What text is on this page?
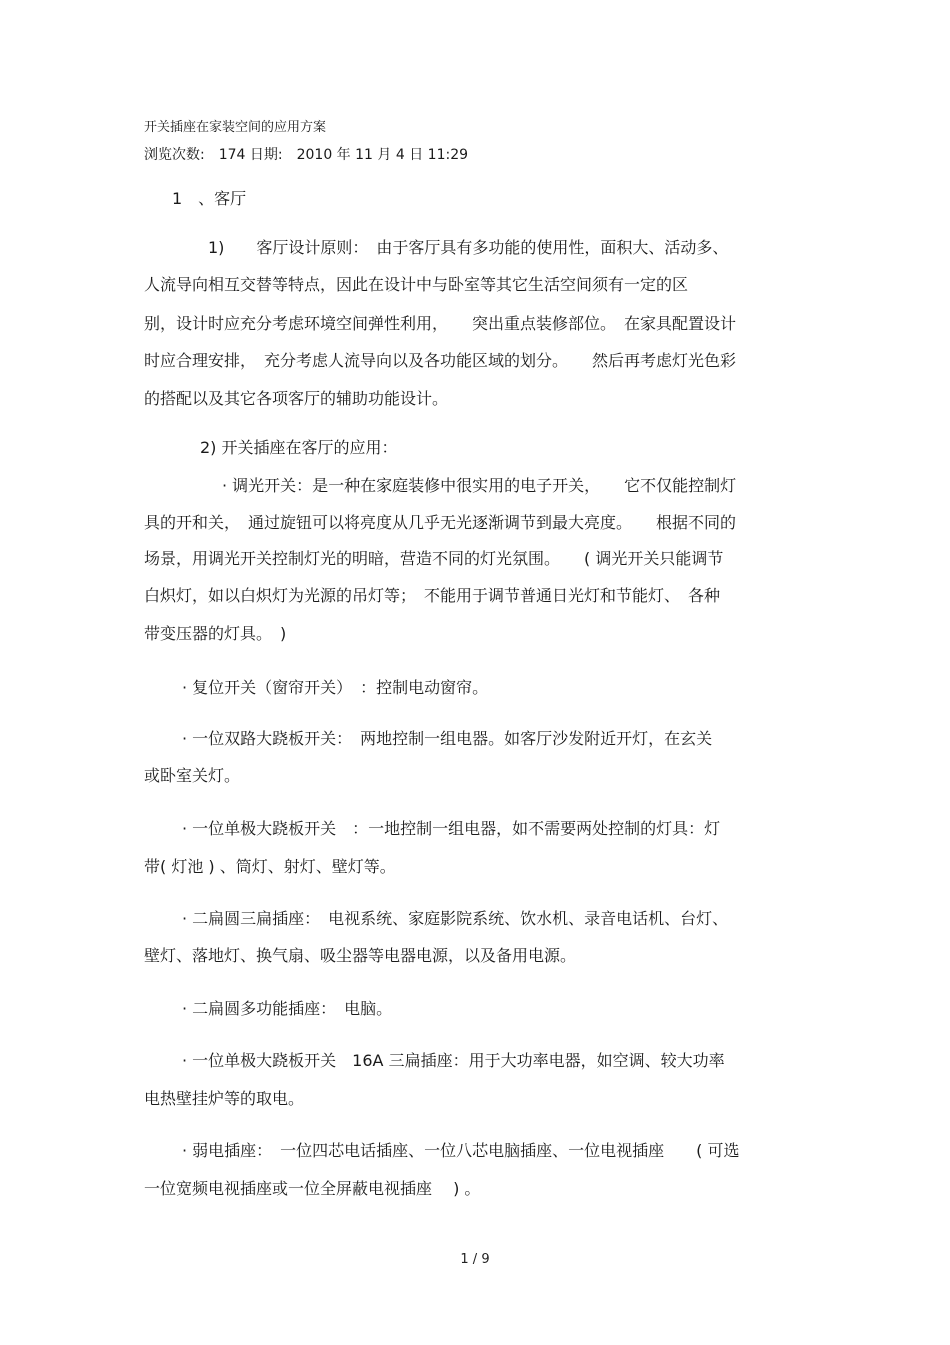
开关插座在家装空间的应用方案
浏览次数:　174 日期:　2010 年 11 月 4 日 11:29
1　、客厅
1)　　客厅设计原则：　由于客厅具有多功能的使用性，面积大、活动多、
人流导向相互交替等特点，因此在设计中与卧室等其它生活空间须有一定的区
别，设计时应充分考虑环境空间弹性利用，　　突出重点装修部位。　在家具配置设计
时应合理安排，　充分考虑人流导向以及各功能区域的划分。　　然后再考虑灯光色彩
的搭配以及其它各项客厅的辅助功能设计。
2) 开关插座在客厅的应用：
· 调光开关：是一种在家庭装修中很实用的电子开关，　　它不仅能控制灯
具的开和关，　通过旋钮可以将亮度从几乎无光逐渐调节到最大亮度。　　根据不同的
场景，用调光开关控制灯光的明暗，营造不同的灯光氛围。　　( 调光开关只能调节
白炽灯，如以白炽灯为光源的吊灯等；　不能用于调节普通日光灯和节能灯、　各种
带变压器的灯具。　)
· 复位开关（窗帘开关）　：控制电动窗帘。
· 一位双路大跷板开关：　两地控制一组电器。如客厅沙发附近开灯，在玄关
或卧室关灯。
· 一位单极大跷板开关　：一地控制一组电器，如不需要两处控制的灯具：灯
带( 灯池 ) 、筒灯、射灯、壁灯等。
· 二扁圆三扁插座：　电视系统、家庭影院系统、饮水机、录音电话机、台灯、
壁灯、落地灯、换气扇、吸尘器等电器电源，以及备用电源。
· 二扁圆多功能插座：　电脑。
· 一位单极大跷板开关　16A 三扁插座：用于大功率电器，如空调、较大功率
电热壁挂炉等的取电。
· 弱电插座：　一位四芯电话插座、一位八芯电脑插座、一位电视插座　　( 可选
一位宽频电视插座或一位全屏蔽电视插座　 ) 。
1 / 9
